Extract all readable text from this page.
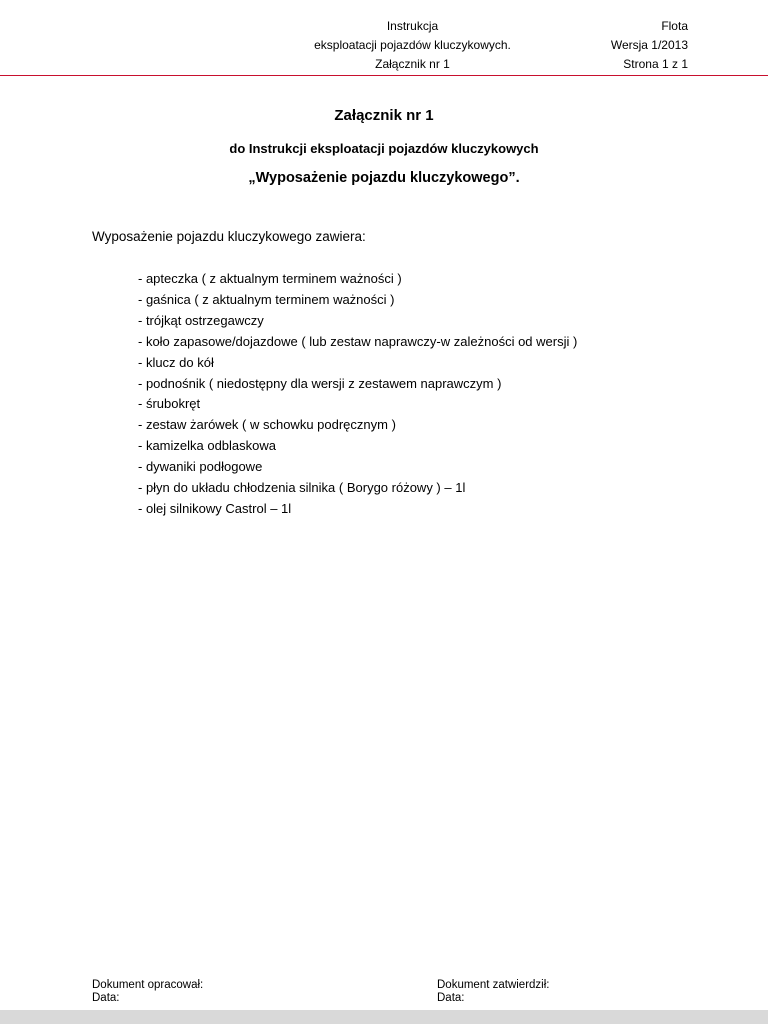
Instrukcja
eksploatacji pojazdów kluczykowych.
Załącznik nr 1
Flota
Wersja 1/2013
Strona 1 z 1
Załącznik nr 1
do Instrukcji eksploatacji pojazdów kluczykowych
„Wyposażenie pojazdu kluczykowego”.
Wyposażenie pojazdu kluczykowego zawiera:
- apteczka ( z aktualnym terminem ważności )
- gaśnica ( z aktualnym terminem ważności )
- trójkąt ostrzegawczy
- koło zapasowe/dojazdowe ( lub zestaw naprawczy-w zależności od wersji )
- klucz do kół
- podnośnik ( niedostępny dla wersji z zestawem naprawczym )
- śrubokręt
- zestaw żarówek ( w schowku podręcznym )
- kamizelka odblaskowa
- dywaniki podłogowe
- płyn do układu chłodzenia silnika ( Borygo różowy ) – 1l
- olej silnikowy Castrol – 1l
Dokument opracował:
Data:
Dokument zatwierdził:
Data:
